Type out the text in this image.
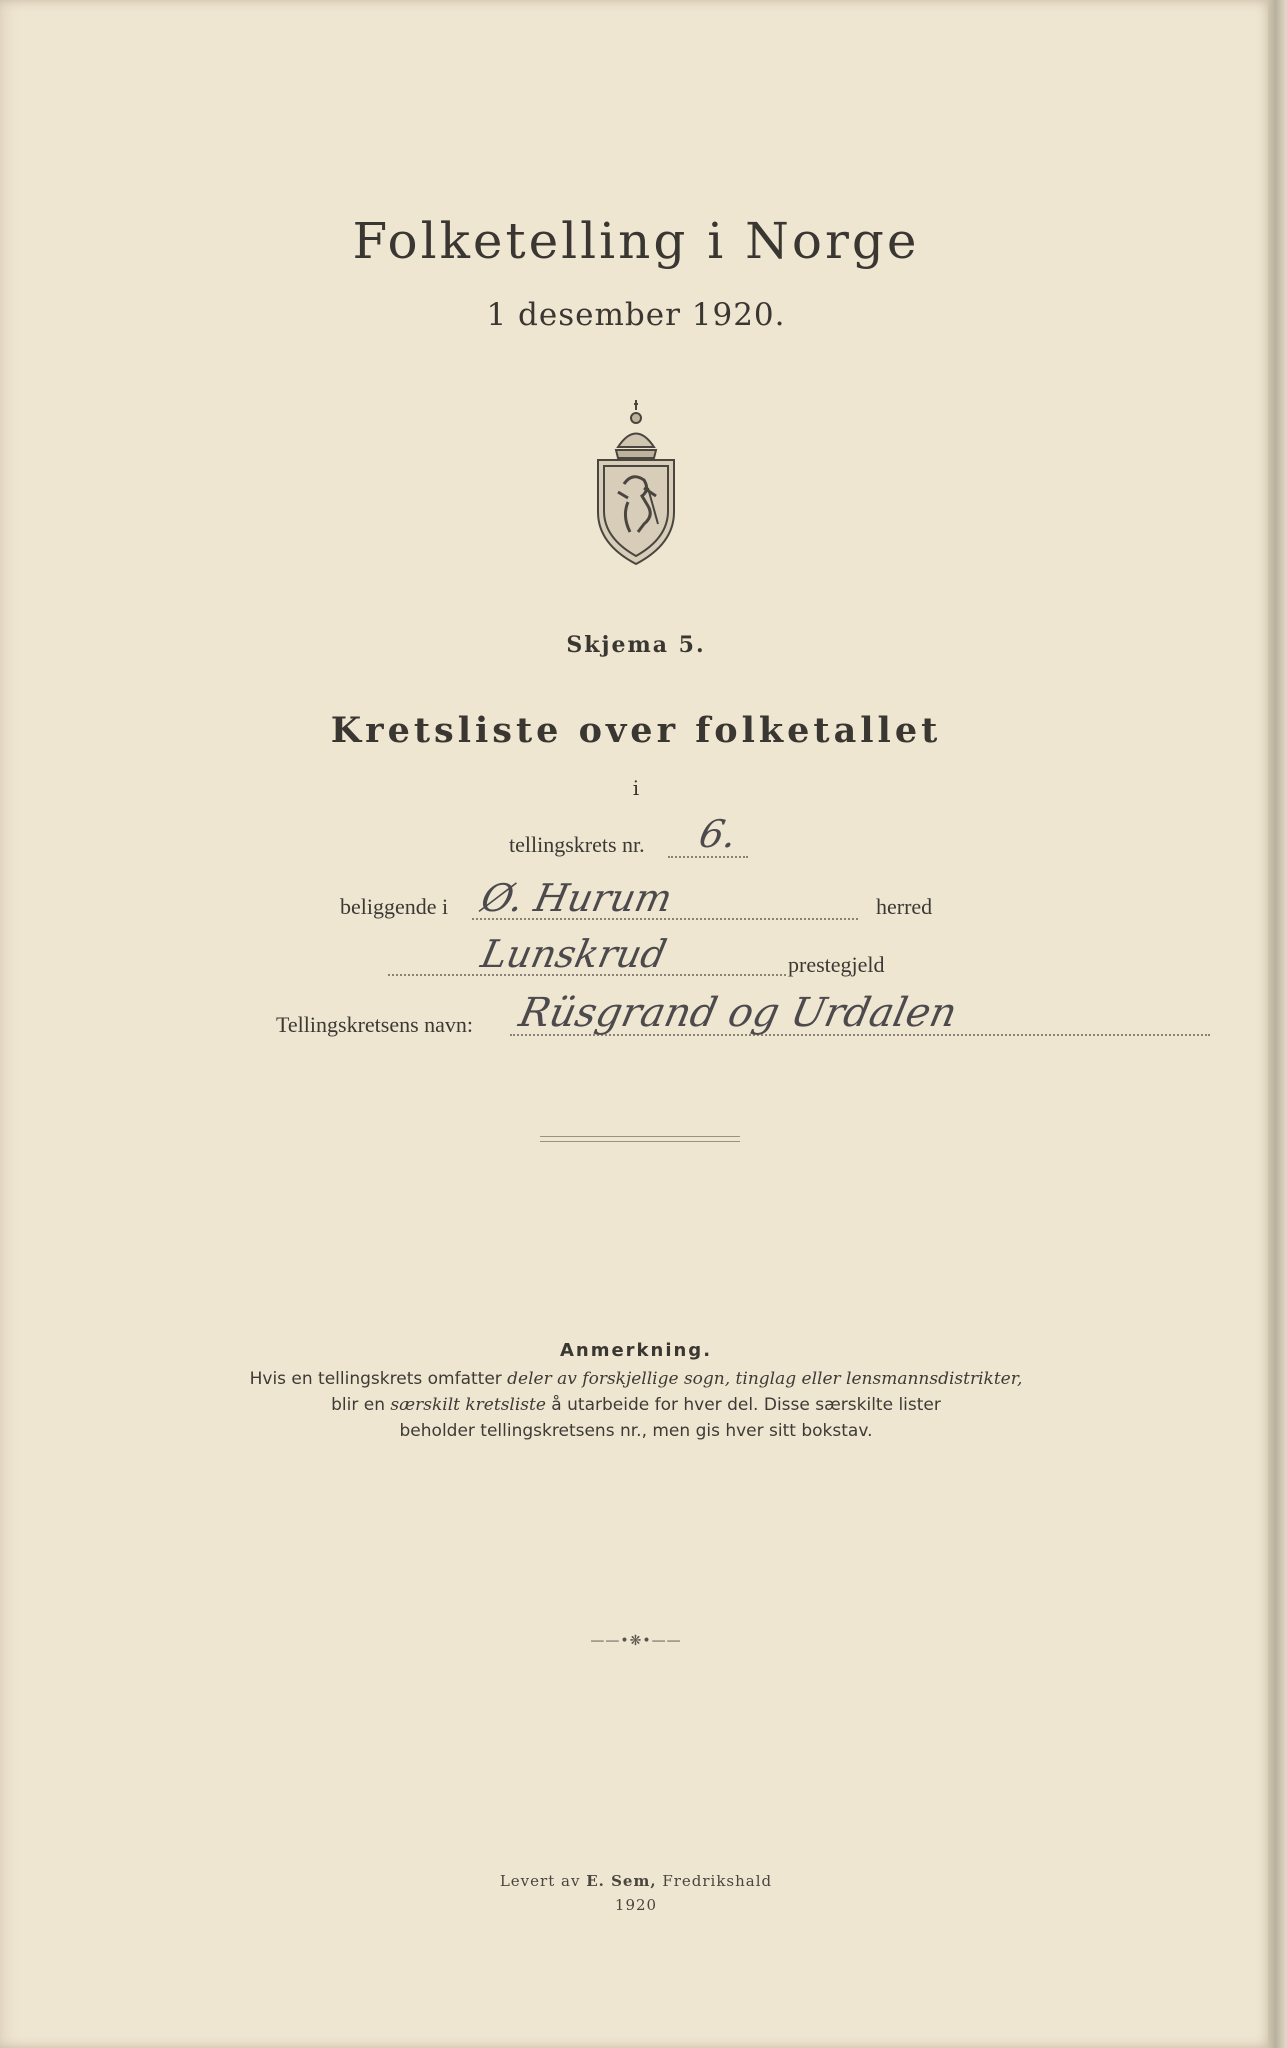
Folketelling i Norge
1 desember 1920.
Skjema 5.
Kretsliste over folketallet
i
tellingskrets nr. 6.
beliggende i Ø. Hurum	herred
Lunskrud	prestegjeld
Tellingskretsens navn: Rüsgrand og Urdalen
Anmerkning.
Hvis en tellingskrets omfatter deler av forskjellige sogn, tinglag eller lensmannsdistrikter,
blir en særskilt kretsliste å utarbeide for hver del. Disse særskilte lister
beholder tellingskretsens nr., men gis hver sitt bokstav.
——•❋•——
Levert av E. Sem, Fredrikshald
1920
